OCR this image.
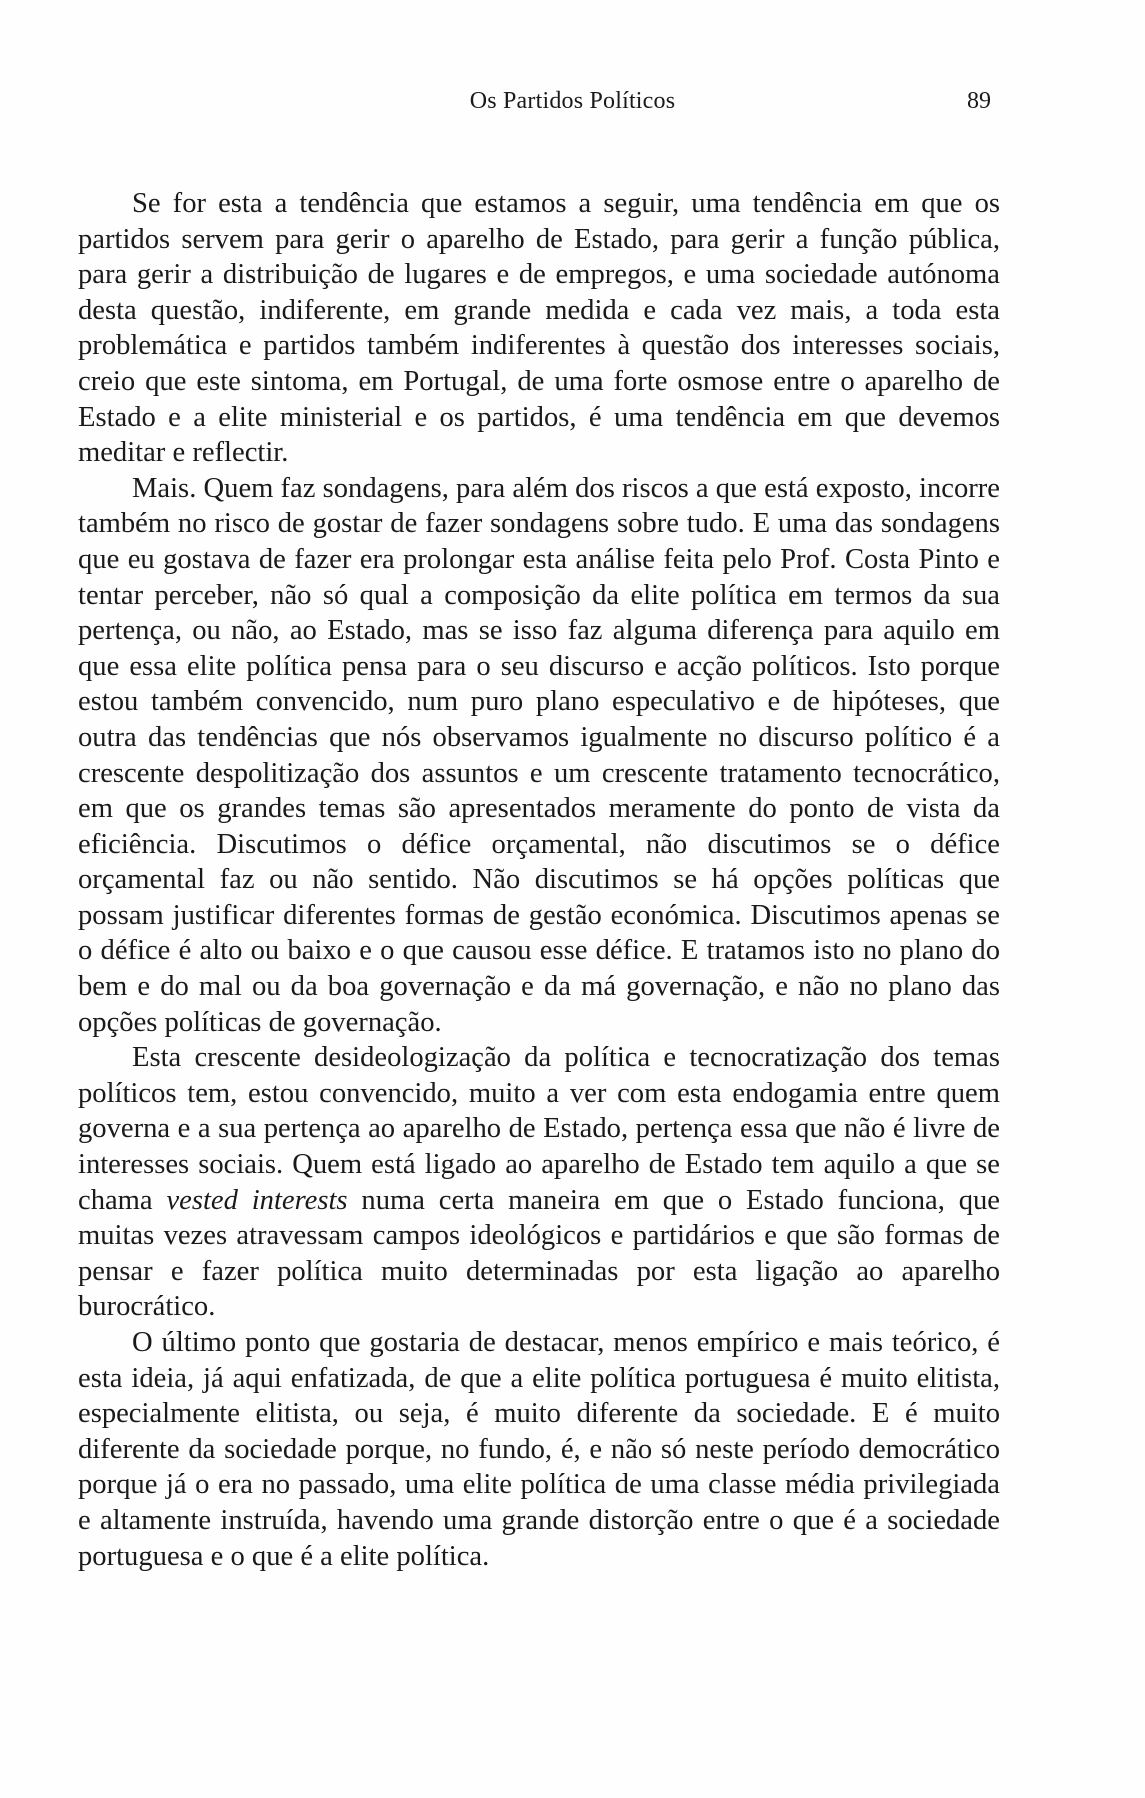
Os Partidos Políticos	89

Se for esta a tendência que estamos a seguir, uma tendência em que os partidos servem para gerir o aparelho de Estado, para gerir a função pública, para gerir a distribuição de lugares e de empregos, e uma sociedade autónoma desta questão, indiferente, em grande medida e cada vez mais, a toda esta problemática e partidos também indiferentes à questão dos interesses sociais, creio que este sintoma, em Portugal, de uma forte osmose entre o aparelho de Estado e a elite ministerial e os partidos, é uma tendência em que devemos meditar e reflectir.

Mais. Quem faz sondagens, para além dos riscos a que está exposto, incorre também no risco de gostar de fazer sondagens sobre tudo. E uma das sondagens que eu gostava de fazer era prolongar esta análise feita pelo Prof. Costa Pinto e tentar perceber, não só qual a composição da elite política em termos da sua pertença, ou não, ao Estado, mas se isso faz alguma diferença para aquilo em que essa elite política pensa para o seu discurso e acção políticos. Isto porque estou também convencido, num puro plano especulativo e de hipóteses, que outra das tendências que nós observamos igualmente no discurso político é a crescente despolitização dos assuntos e um crescente tratamento tecnocrático, em que os grandes temas são apresentados meramente do ponto de vista da eficiência. Discutimos o défice orçamental, não discutimos se o défice orçamental faz ou não sentido. Não discutimos se há opções políticas que possam justificar diferentes formas de gestão económica. Discutimos apenas se o défice é alto ou baixo e o que causou esse défice. E tratamos isto no plano do bem e do mal ou da boa governação e da má governação, e não no plano das opções políticas de governação.

Esta crescente desideologização da política e tecnocratização dos temas políticos tem, estou convencido, muito a ver com esta endogamia entre quem governa e a sua pertença ao aparelho de Estado, pertença essa que não é livre de interesses sociais. Quem está ligado ao aparelho de Estado tem aquilo a que se chama vested interests numa certa maneira em que o Estado funciona, que muitas vezes atravessam campos ideológicos e partidários e que são formas de pensar e fazer política muito determinadas por esta ligação ao aparelho burocrático.

O último ponto que gostaria de destacar, menos empírico e mais teórico, é esta ideia, já aqui enfatizada, de que a elite política portuguesa é muito elitista, especialmente elitista, ou seja, é muito diferente da sociedade. E é muito diferente da sociedade porque, no fundo, é, e não só neste período democrático porque já o era no passado, uma elite política de uma classe média privilegiada e altamente instruída, havendo uma grande distorção entre o que é a sociedade portuguesa e o que é a elite política.
